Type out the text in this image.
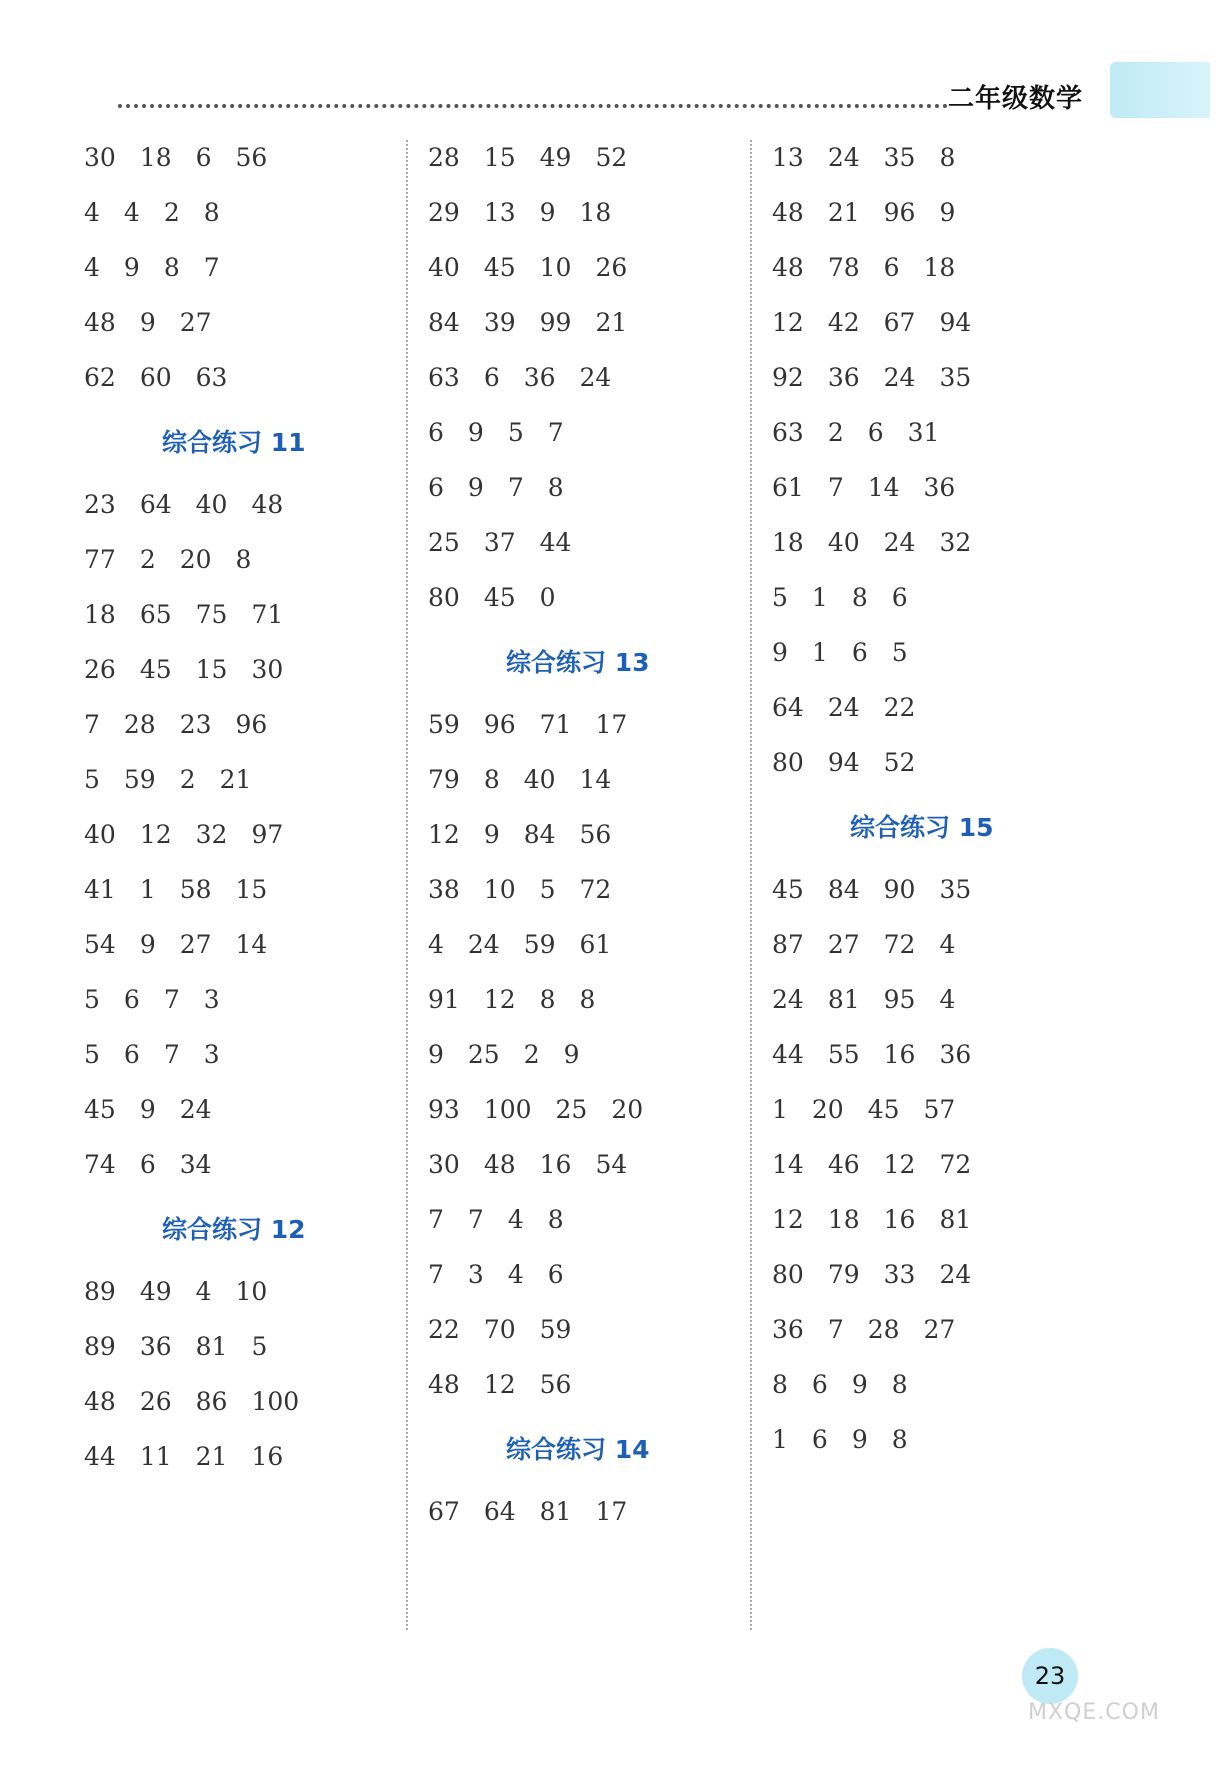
二年级数学
30 18 6 56
4 4 2 8
4 9 8 7
48 9 27
62 60 63
综合练习 11
23 64 40 48
77 2 20 8
18 65 75 71
26 45 15 30
7 28 23 96
5 59 2 21
40 12 32 97
41 1 58 15
54 9 27 14
5 6 7 3
5 6 7 3
45 9 24
74 6 34
综合练习 12
89 49 4 10
89 36 81 5
48 26 86 100
44 11 21 16
28 15 49 52
29 13 9 18
40 45 10 26
84 39 99 21
63 6 36 24
6 9 5 7
6 9 7 8
25 37 44
80 45 0
综合练习 13
59 96 71 17
79 8 40 14
12 9 84 56
38 10 5 72
4 24 59 61
91 12 8 8
9 25 2 9
93 100 25 20
30 48 16 54
7 7 4 8
7 3 4 6
22 70 59
48 12 56
综合练习 14
67 64 81 17
13 24 35 8
48 21 96 9
48 78 6 18
12 42 67 94
92 36 24 35
63 2 6 31
61 7 14 36
18 40 24 32
5 1 8 6
9 1 6 5
64 24 22
80 94 52
综合练习 15
45 84 90 35
87 27 72 4
24 81 95 4
44 55 16 36
1 20 45 57
14 46 12 72
12 18 16 81
80 79 33 24
36 7 28 27
8 6 9 8
1 6 9 8
23
MXQE.COM
